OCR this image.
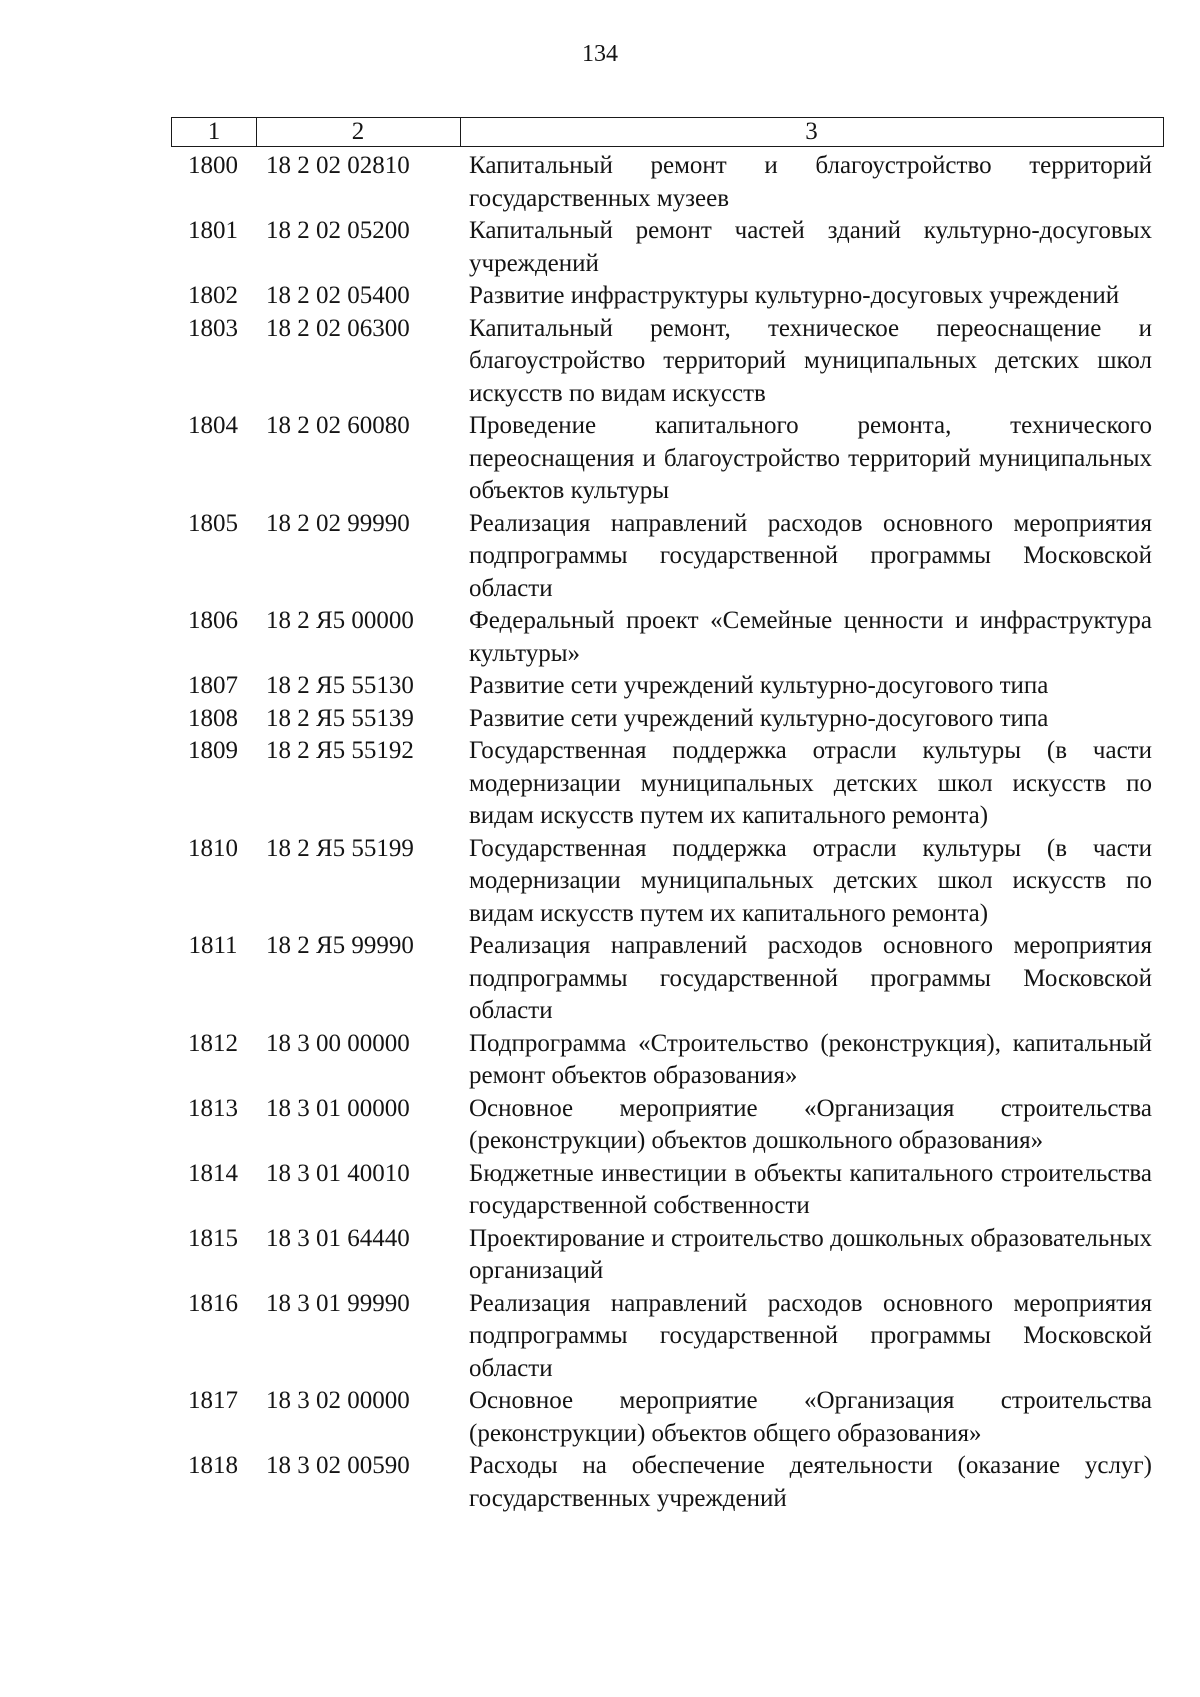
134
1	2	3
1800	18 2 02 02810	Капитальный ремонт и благоустройство территорий государственных музеев
1801	18 2 02 05200	Капитальный ремонт частей зданий культурно-досуговых учреждений
1802	18 2 02 05400	Развитие инфраструктуры культурно-досуговых учреждений
1803	18 2 02 06300	Капитальный ремонт, техническое переоснащение и благоустройство территорий муниципальных детских школ искусств по видам искусств
1804	18 2 02 60080	Проведение капитального ремонта, технического переоснащения и благоустройство территорий муниципальных объектов культуры
1805	18 2 02 99990	Реализация направлений расходов основного мероприятия подпрограммы государственной программы Московской области
1806	18 2 Я5 00000	Федеральный проект «Семейные ценности и инфраструктура культуры»
1807	18 2 Я5 55130	Развитие сети учреждений культурно-досугового типа
1808	18 2 Я5 55139	Развитие сети учреждений культурно-досугового типа
1809	18 2 Я5 55192	Государственная поддержка отрасли культуры (в части модернизации муниципальных детских школ искусств по видам искусств путем их капитального ремонта)
1810	18 2 Я5 55199	Государственная поддержка отрасли культуры (в части модернизации муниципальных детских школ искусств по видам искусств путем их капитального ремонта)
1811	18 2 Я5 99990	Реализация направлений расходов основного мероприятия подпрограммы государственной программы Московской области
1812	18 3 00 00000	Подпрограмма «Строительство (реконструкция), капитальный ремонт объектов образования»
1813	18 3 01 00000	Основное мероприятие «Организация строительства (реконструкции) объектов дошкольного образования»
1814	18 3 01 40010	Бюджетные инвестиции в объекты капитального строительства государственной собственности
1815	18 3 01 64440	Проектирование и строительство дошкольных образовательных организаций
1816	18 3 01 99990	Реализация направлений расходов основного мероприятия подпрограммы государственной программы Московской области
1817	18 3 02 00000	Основное мероприятие «Организация строительства (реконструкции) объектов общего образования»
1818	18 3 02 00590	Расходы на обеспечение деятельности (оказание услуг) государственных учреждений
